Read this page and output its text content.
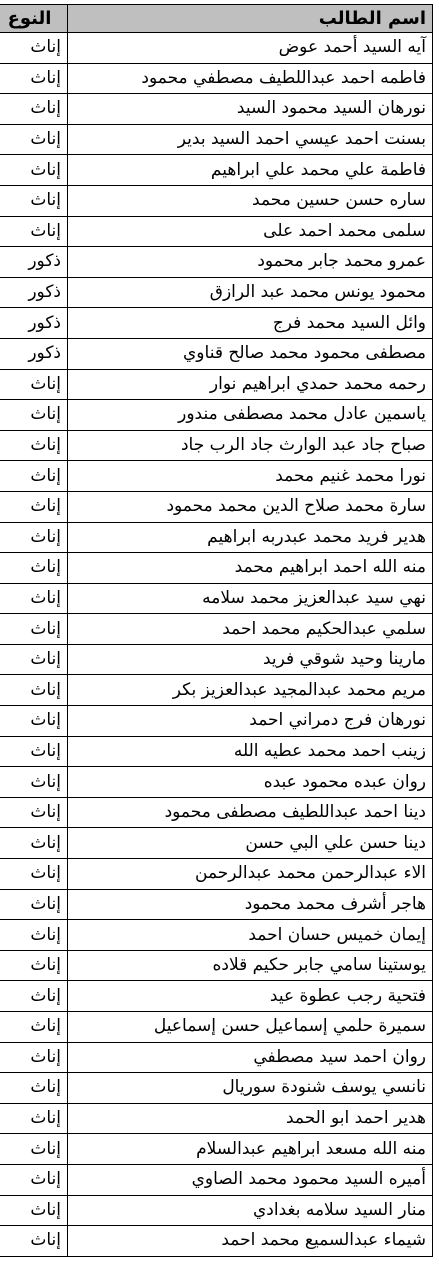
اسم الطالب	النوع
آيه السيد أحمد عوض	إناث
فاطمه احمد عبداللطيف مصطفي محمود	إناث
نورهان السيد محمود السيد	إناث
بسنت احمد عيسي احمد السيد بدير	إناث
فاطمة علي محمد علي ابراهيم	إناث
ساره حسن حسين محمد	إناث
سلمى محمد احمد على	إناث
عمرو محمد جابر محمود	ذكور
محمود يونس محمد عبد الرازق	ذكور
وائل السيد محمد فرج	ذكور
مصطفى محمود محمد صالح قناوي	ذكور
رحمه محمد حمدي ابراهيم نوار	إناث
ياسمين عادل محمد مصطفى مندور	إناث
صباح جاد عبد الوارث جاد الرب جاد	إناث
نورا محمد غنيم محمد	إناث
سارة محمد صلاح الدين محمد محمود	إناث
هدير فريد محمد عبدربه ابراهيم	إناث
منه الله احمد ابراهيم محمد	إناث
نهي سيد عبدالعزيز محمد سلامه	إناث
سلمي عبدالحكيم محمد احمد	إناث
مارينا وحيد شوقي فريد	إناث
مريم محمد عبدالمجيد عبدالعزيز بكر	إناث
نورهان فرج دمراني احمد	إناث
زينب احمد محمد عطيه الله	إناث
روان عبده محمود عبده	إناث
دينا احمد عبداللطيف مصطفى محمود	إناث
دينا حسن علي البي حسن	إناث
الاء عبدالرحمن محمد عبدالرحمن	إناث
هاجر أشرف محمد محمود	إناث
إيمان خميس حسان احمد	إناث
يوستينا سامي جابر حكيم قلاده	إناث
فتحية رجب عطوة عيد	إناث
سميرة حلمي إسماعيل حسن إسماعيل	إناث
روان احمد سيد مصطفي	إناث
نانسي يوسف شنودة سوريال	إناث
هدير احمد ابو الحمد	إناث
منه الله مسعد ابراهيم عبدالسلام	إناث
أميره السيد محمود محمد الصاوي	إناث
منار السيد سلامه بغدادي	إناث
شيماء عبدالسميع محمد احمد	إناث
